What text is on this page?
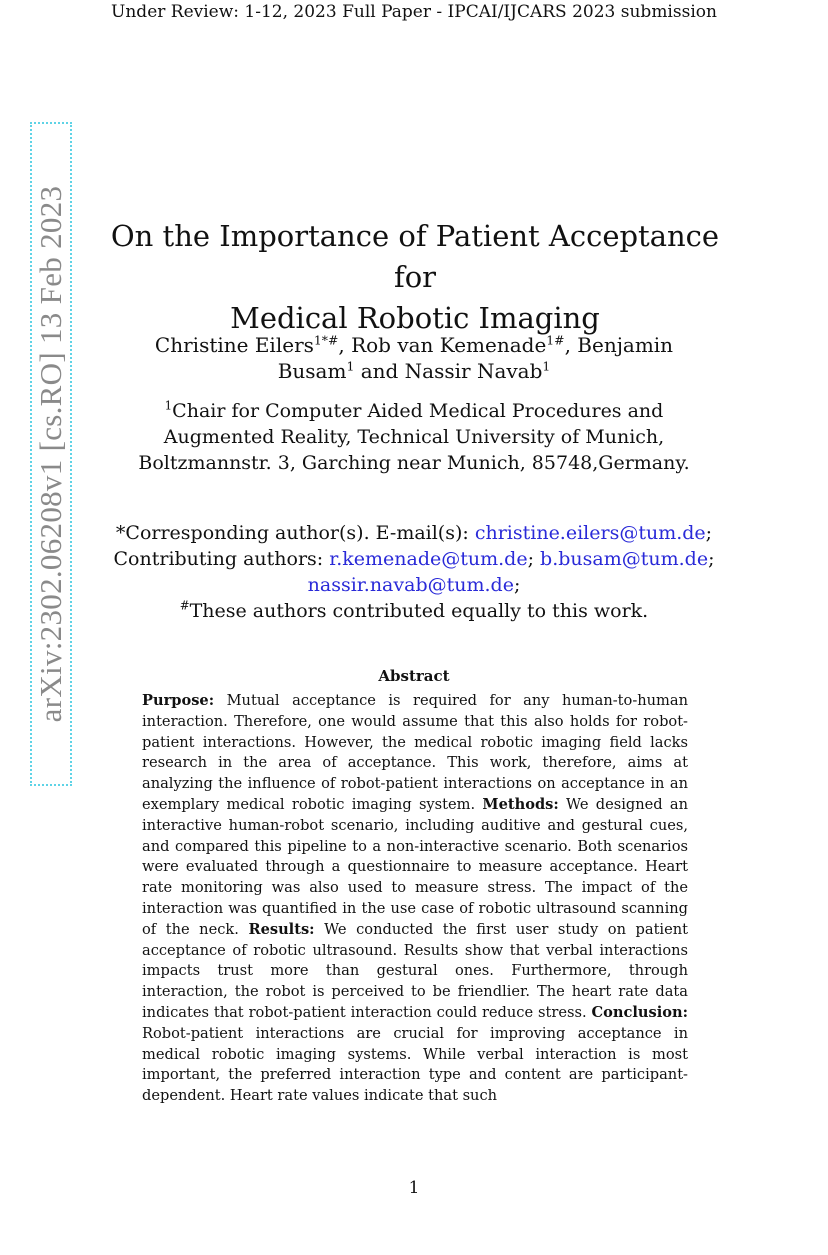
Under Review: 1-12, 2023 Full Paper - IPCAI/IJCARS 2023 submission
arXiv:2302.06208v1 [cs.RO] 13 Feb 2023	On the Importance of Patient Acceptance for
Medical Robotic Imaging
Christine Eilers$^{1*\#}$, Rob van Kemenade$^{1\#}$, Benjamin Busam$^1$ and Nassir Navab$^1$
$^1$Chair for Computer Aided Medical Procedures and Augmented Reality, Technical University of Munich, Boltzmannstr. 3, Garching near Munich, 85748,Germany.
*Corresponding author(s). E-mail(s): christine.eilers@tum.de;
Contributing authors: r.kemenade@tum.de; b.busam@tum.de;
nassir.navab@tum.de;
#These authors contributed equally to this work.
Abstract
Purpose: Mutual acceptance is required for any human-to-human interaction. Therefore, one would assume that this also holds for robot-patient interactions. However, the medical robotic imaging field lacks research in the area of acceptance. This work, therefore, aims at analyzing the influence of robot-patient interactions on acceptance in an exemplary medical robotic imaging system. Methods: We designed an interactive human-robot scenario, including auditive and gestural cues, and compared this pipeline to a non-interactive scenario. Both scenarios were evaluated through a questionnaire to measure acceptance. Heart rate monitoring was also used to measure stress. The impact of the interaction was quantified in the use case of robotic ultrasound scanning of the neck. Results: We conducted the first user study on patient acceptance of robotic ultrasound. Results show that verbal interactions impacts trust more than gestural ones. Furthermore, through interaction, the robot is perceived to be friendlier. The heart rate data indicates that robot-patient interaction could reduce stress. Conclusion: Robot-patient interactions are crucial for improving acceptance in medical robotic imaging systems. While verbal interaction is most important, the preferred interaction type and content are participant-dependent. Heart rate values indicate that such
1
